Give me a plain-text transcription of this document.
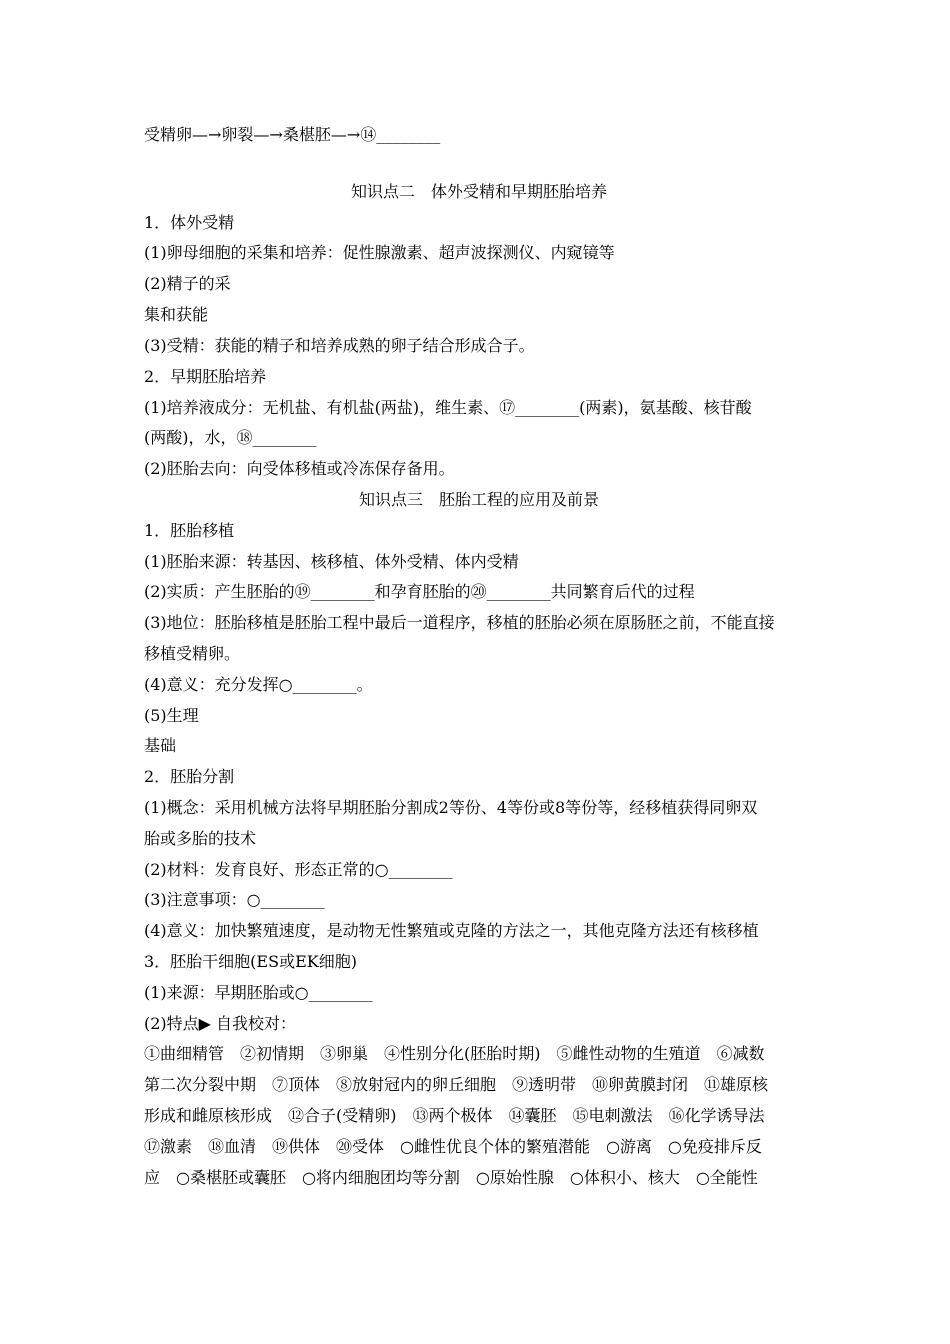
受精卵—→卵裂—→桑椹胚—→⑭________
知识点二　体外受精和早期胚胎培养
1．体外受精
(1)卵母细胞的采集和培养：促性腺激素、超声波探测仪、内窥镜等
(2)精子的采
集和获能
(3)受精：获能的精子和培养成熟的卵子结合形成合子。
2．早期胚胎培养
(1)培养液成分：无机盐、有机盐(两盐)，维生素、⑰________(两素)，氨基酸、核苷酸
(两酸)，水，⑱________
(2)胚胎去向：向受体移植或冷冻保存备用。
知识点三　胚胎工程的应用及前景
1．胚胎移植
(1)胚胎来源：转基因、核移植、体外受精、体内受精
(2)实质：产生胚胎的⑲________和孕育胚胎的⑳________共同繁育后代的过程
(3)地位：胚胎移植是胚胎工程中最后一道程序，移植的胚胎必须在原肠胚之前，不能直接
移植受精卵。
(4)意义：充分发挥○________。
(5)生理
基础
2．胚胎分割
(1)概念：采用机械方法将早期胚胎分割成2等份、4等份或8等份等，经移植获得同卵双
胎或多胎的技术
(2)材料：发育良好、形态正常的○________
(3)注意事项：○________
(4)意义：加快繁殖速度，是动物无性繁殖或克隆的方法之一，其他克隆方法还有核移植
3．胚胎干细胞(ES或EK细胞)
(1)来源：早期胚胎或○________
(2)特点▶ 自我校对：
①曲细精管　②初情期　③卵巢　④性别分化(胚胎时期)　⑤雌性动物的生殖道　⑥减数
第二次分裂中期　⑦顶体　⑧放射冠内的卵丘细胞　⑨透明带　⑩卵黄膜封闭　⑪雄原核
形成和雌原核形成　⑫合子(受精卵)　⑬两个极体　⑭囊胚　⑮电刺激法　⑯化学诱导法
⑰激素　⑱血清　⑲供体　⑳受体　○雌性优良个体的繁殖潜能　○游离　○免疫排斥反
应　○桑椹胚或囊胚　○将内细胞团均等分割　○原始性腺　○体积小、核大　○全能性
